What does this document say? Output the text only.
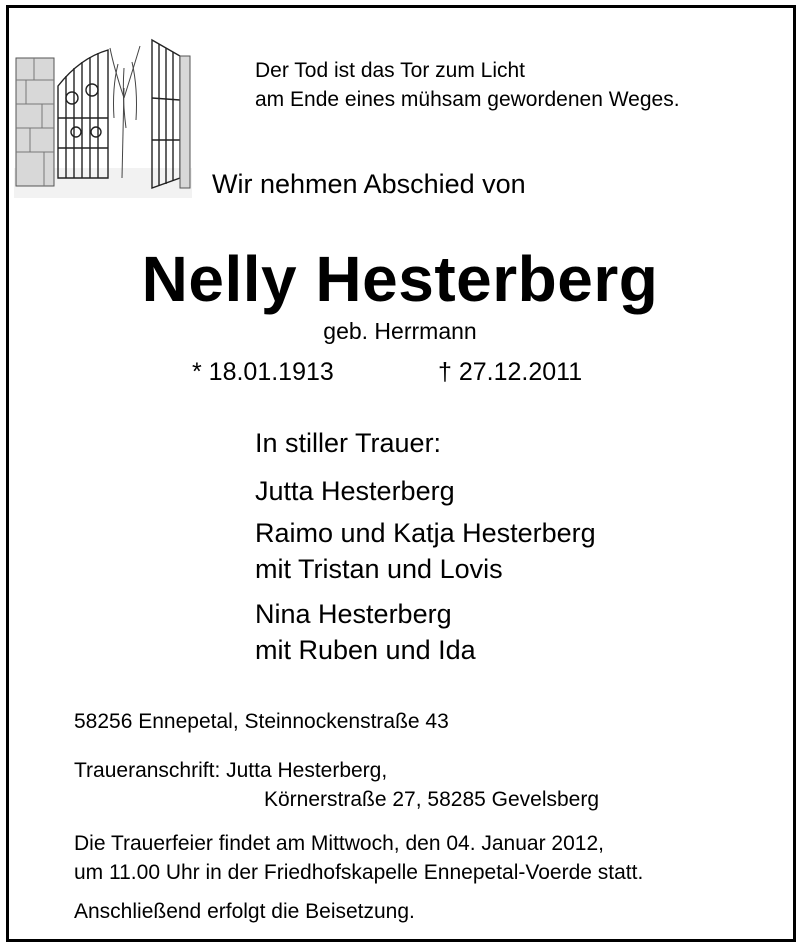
Der Tod ist das Tor zum Licht
am Ende eines mühsam gewordenen Weges.
Wir nehmen Abschied von
Nelly Hesterberg
geb. Herrmann
* 18.01.1913	† 27.12.2011
In stiller Trauer:
Jutta Hesterberg
Raimo und Katja Hesterberg
mit Tristan und Lovis
Nina Hesterberg
mit Ruben und Ida
58256 Ennepetal, Steinnockenstraße 43
Traueranschrift: Jutta Hesterberg,
Körnerstraße 27, 58285 Gevelsberg
Die Trauerfeier findet am Mittwoch, den 04. Januar 2012,
um 11.00 Uhr in der Friedhofskapelle Ennepetal-Voerde statt.
Anschließend erfolgt die Beisetzung.
